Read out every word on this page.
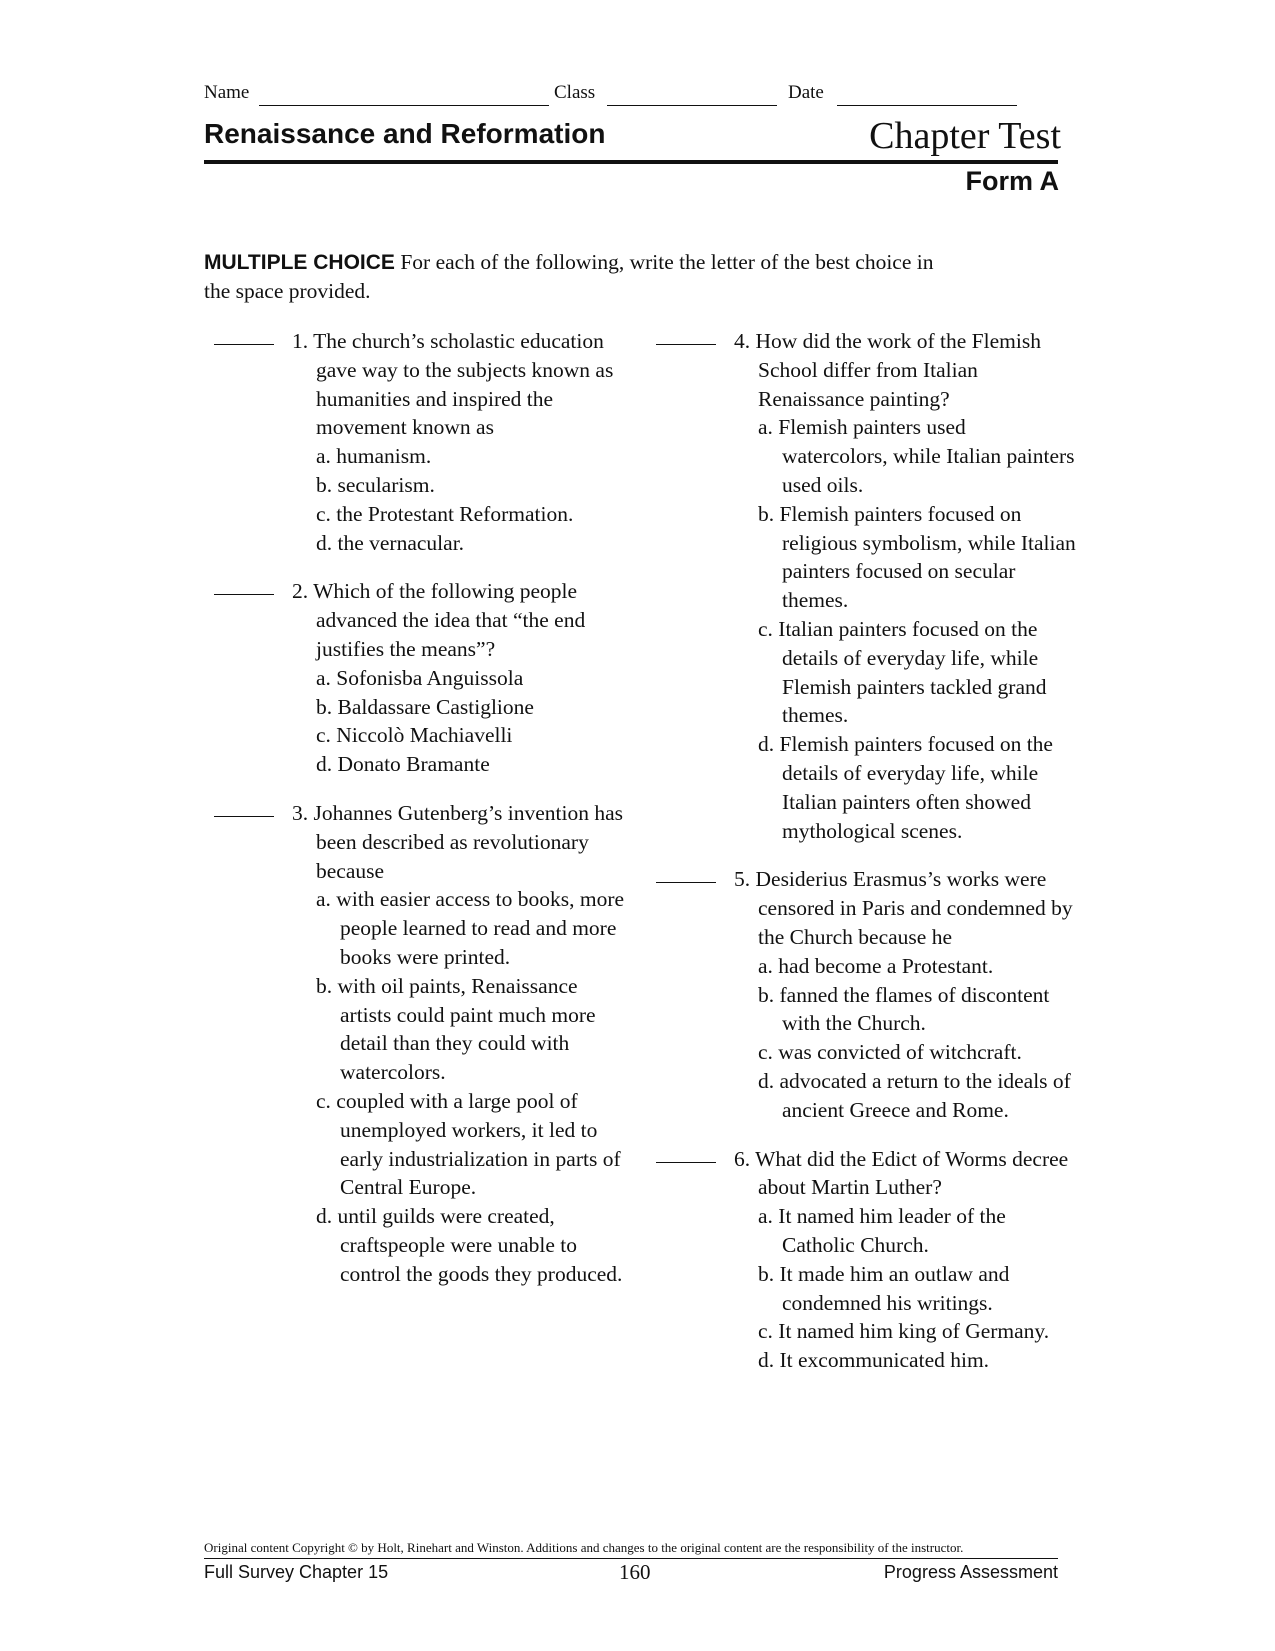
Name	Class	Date
Renaissance and Reformation	Chapter Test
Form A
MULTIPLE CHOICE For each of the following, write the letter of the best choice in the space provided.
1. The church’s scholastic education gave way to the subjects known as humanities and inspired the movement known as
a. humanism.
b. secularism.
c. the Protestant Reformation.
d. the vernacular.
2. Which of the following people advanced the idea that “the end justifies the means”?
a. Sofonisba Anguissola
b. Baldassare Castiglione
c. Niccolò Machiavelli
d. Donato Bramante
3. Johannes Gutenberg’s invention has been described as revolutionary because
a. with easier access to books, more people learned to read and more books were printed.
b. with oil paints, Renaissance artists could paint much more detail than they could with watercolors.
c. coupled with a large pool of unemployed workers, it led to early industrialization in parts of Central Europe.
d. until guilds were created, craftspeople were unable to control the goods they produced.
4. How did the work of the Flemish School differ from Italian Renaissance painting?
a. Flemish painters used watercolors, while Italian painters used oils.
b. Flemish painters focused on religious symbolism, while Italian painters focused on secular themes.
c. Italian painters focused on the details of everyday life, while Flemish painters tackled grand themes.
d. Flemish painters focused on the details of everyday life, while Italian painters often showed mythological scenes.
5. Desiderius Erasmus’s works were censored in Paris and condemned by the Church because he
a. had become a Protestant.
b. fanned the flames of discontent with the Church.
c. was convicted of witchcraft.
d. advocated a return to the ideals of ancient Greece and Rome.
6. What did the Edict of Worms decree about Martin Luther?
a. It named him leader of the Catholic Church.
b. It made him an outlaw and condemned his writings.
c. It named him king of Germany.
d. It excommunicated him.
Original content Copyright © by Holt, Rinehart and Winston. Additions and changes to the original content are the responsibility of the instructor.
Full Survey Chapter 15	160	Progress Assessment
